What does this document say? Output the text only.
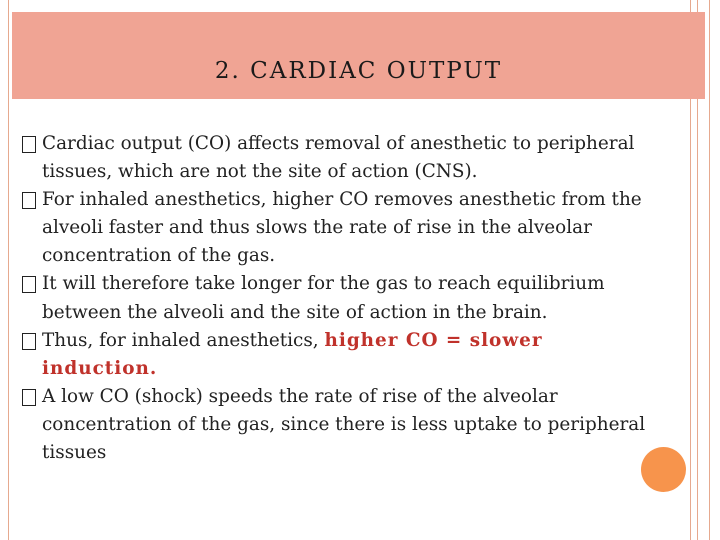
2. CARDIAC OUTPUT

Cardiac output (CO) affects removal of anesthetic to peripheral tissues, which are not the site of action (CNS).

For inhaled anesthetics, higher CO removes anesthetic from the alveoli faster and thus slows the rate of rise in the alveolar concentration of the gas.

It will therefore take longer for the gas to reach equilibrium between the alveoli and the site of action in the brain.

Thus, for inhaled anesthetics, higher CO = slower induction.

A low CO (shock) speeds the rate of rise of the alveolar concentration of the gas, since there is less uptake to peripheral tissues
